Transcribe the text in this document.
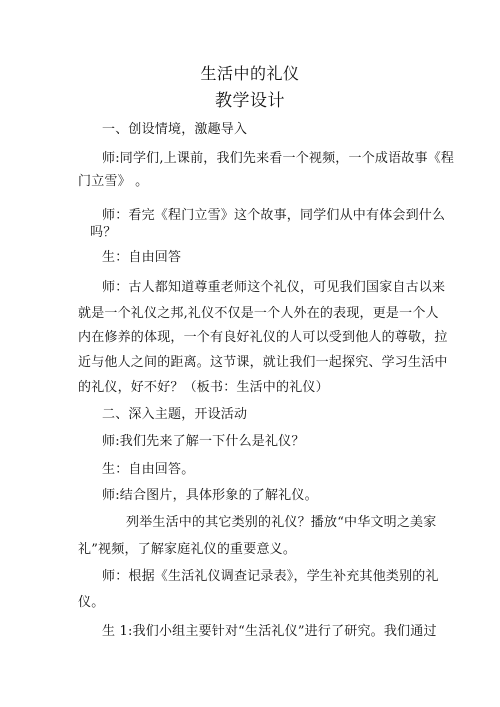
生活中的礼仪
教学设计
一、创设情境，激趣导入
师:同学们,上课前，我们先来看一个视频，一个成语故事《程
门立雪》 。
师：看完《程门立雪》这个故事，同学们从中有体会到什么
吗？
生：自由回答
师：古人都知道尊重老师这个礼仪，可见我们国家自古以来
就是一个礼仪之邦,礼仪不仅是一个人外在的表现，更是一个人
内在修养的体现，一个有良好礼仪的人可以受到他人的尊敬，拉
近与他人之间的距离。这节课，就让我们一起探究、学习生活中
的礼仪，好不好？（板书：生活中的礼仪）
二、深入主题，开设活动
师:我们先来了解一下什么是礼仪？
生：自由回答。
师:结合图片，具体形象的了解礼仪。
列举生活中的其它类别的礼仪？播放“中华文明之美家
礼”视频，了解家庭礼仪的重要意义。
师：根据《生活礼仪调查记录表》，学生补充其他类别的礼
仪。
生 1:我们小组主要针对“生活礼仪”进行了研究。我们通过
